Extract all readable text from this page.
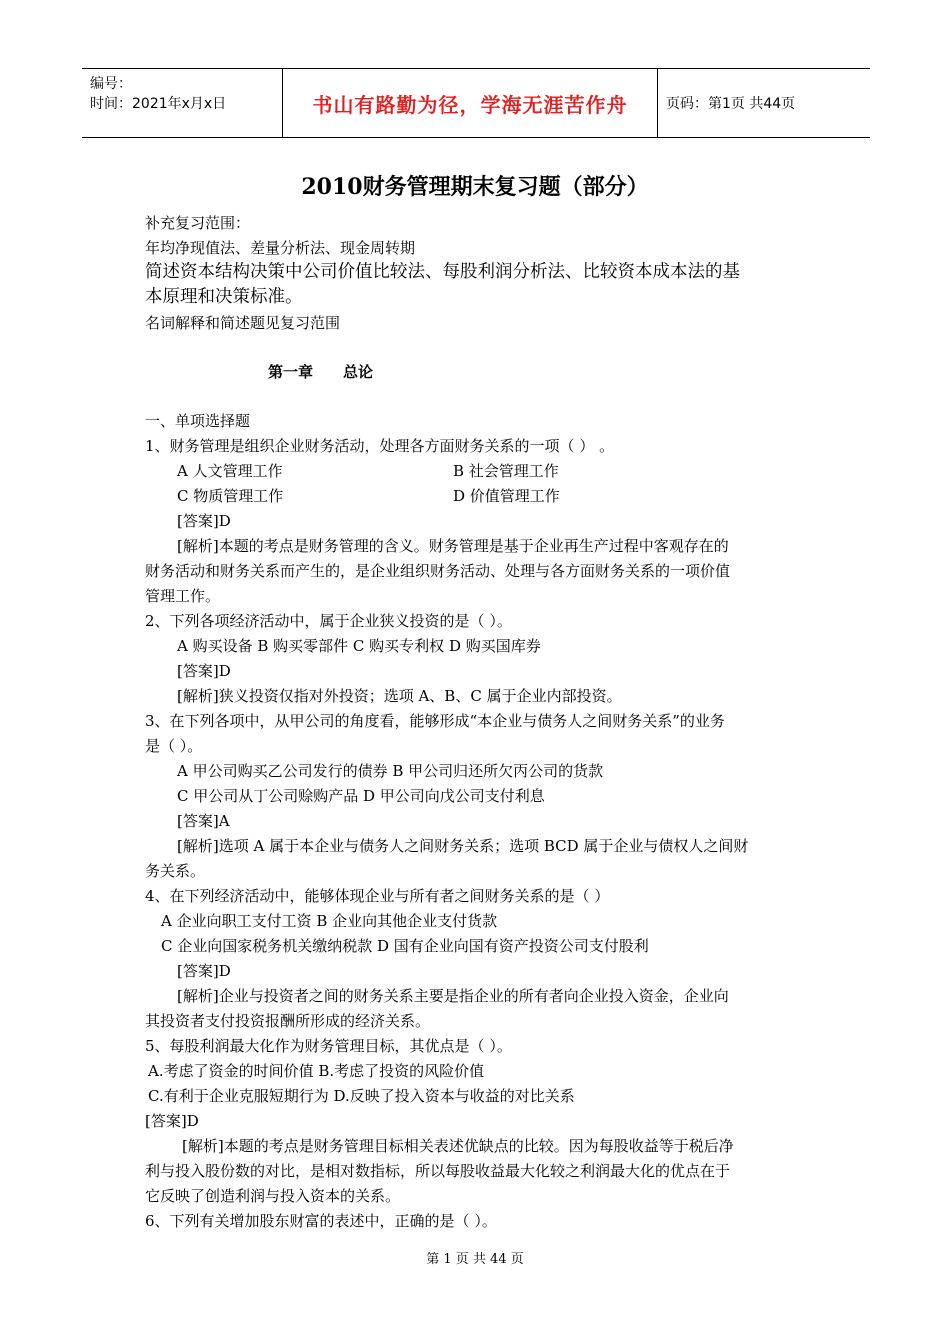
编号：
时间：2021年x月x日	书山有路勤为径，学海无涯苦作舟	页码：第1页 共44页
2010财务管理期末复习题（部分）
补充复习范围：
年均净现值法、差量分析法、现金周转期
简述资本结构决策中公司价值比较法、每股利润分析法、比较资本成本法的基
本原理和决策标准。
名词解释和简述题见复习范围
第一章 总论
一、单项选择题
1、财务管理是组织企业财务活动，处理各方面财务关系的一项（ ） 。
A 人文管理工作	B 社会管理工作
C 物质管理工作	D 价值管理工作
[答案]D
[解析]本题的考点是财务管理的含义。财务管理是基于企业再生产过程中客观存在的
财务活动和财务关系而产生的，是企业组织财务活动、处理与各方面财务关系的一项价值
管理工作。
2、下列各项经济活动中，属于企业狭义投资的是（ ）。
A 购买设备 B 购买零部件 C 购买专利权 D 购买国库券
[答案]D
[解析]狭义投资仅指对外投资；选项 A、B、C 属于企业内部投资。
3、在下列各项中，从甲公司的角度看，能够形成“本企业与债务人之间财务关系”的业务
是（ ）。
A 甲公司购买乙公司发行的债券 B 甲公司归还所欠丙公司的货款
C 甲公司从丁公司赊购产品 D 甲公司向戊公司支付利息
[答案]A
[解析]选项 A 属于本企业与债务人之间财务关系；选项 BCD 属于企业与债权人之间财
务关系。
4、在下列经济活动中，能够体现企业与所有者之间财务关系的是（ ）
A 企业向职工支付工资 B 企业向其他企业支付货款
C 企业向国家税务机关缴纳税款 D 国有企业向国有资产投资公司支付股利
[答案]D
[解析]企业与投资者之间的财务关系主要是指企业的所有者向企业投入资金，企业向
其投资者支付投资报酬所形成的经济关系。
5、每股利润最大化作为财务管理目标，其优点是（ ）。
A.考虑了资金的时间价值 B.考虑了投资的风险价值
C.有利于企业克服短期行为 D.反映了投入资本与收益的对比关系
[答案]D
[解析]本题的考点是财务管理目标相关表述优缺点的比较。因为每股收益等于税后净
利与投入股份数的对比，是相对数指标，所以每股收益最大化较之利润最大化的优点在于
它反映了创造利润与投入资本的关系。
6、下列有关增加股东财富的表述中，正确的是（ ）。
第 1 页 共 44 页
